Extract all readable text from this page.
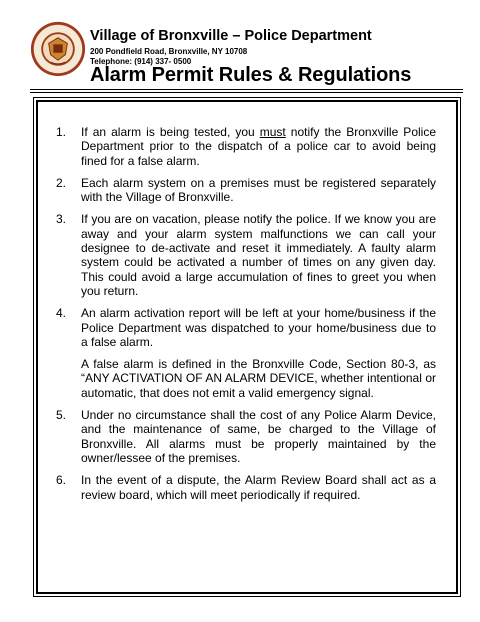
Village of Bronxville – Police Department
200 Pondfield Road, Bronxville, NY 10708
Telephone: (914) 337- 0500
Alarm Permit Rules & Regulations
1.	If an alarm is being tested, you must notify the Bronxville Police Department prior to the dispatch of a police car to avoid being fined for a false alarm.
2.	Each alarm system on a premises must be registered separately with the Village of Bronxville.
3.	If you are on vacation, please notify the police. If we know you are away and your alarm system malfunctions we can call your designee to de-activate and reset it immediately. A faulty alarm system could be activated a number of times on any given day. This could avoid a large accumulation of fines to greet you when you return.
4.	An alarm activation report will be left at your home/business if the Police Department was dispatched to your home/business due to a false alarm.

A false alarm is defined in the Bronxville Code, Section 80-3, as “ANY ACTIVATION OF AN ALARM DEVICE, whether intentional or automatic, that does not emit a valid emergency signal.

5.	Under no circumstance shall the cost of any Police Alarm Device, and the maintenance of same, be charged to the Village of Bronxville. All alarms must be properly maintained by the owner/lessee of the premises.
6.	In the event of a dispute, the Alarm Review Board shall act as a review board, which will meet periodically if required.
